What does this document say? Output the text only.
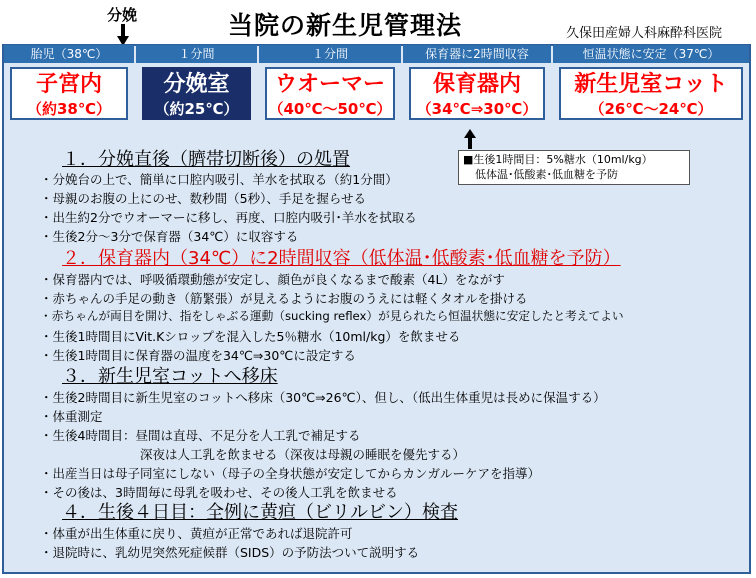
当院の新生児管理法	久保田産婦人科麻酔科医院
分娩
胎児（38℃）
子宮内
（約38℃）
１分間
分娩室
（約25℃）
１分間
ウオーマー
（40℃〜50℃）
保育器に2時間収容
保育器内
（34℃⇒30℃）
恒温状態に安定（37℃）
新生児室コット
（26℃〜24℃）
■生後1時間目：5%糖水（10ml/kg）
低体温･低酸素･低血糖を予防
１．分娩直後（臍帯切断後）の処置
・分娩台の上で、簡単に口腔内吸引、羊水を拭取る（約1分間）
・母親のお腹の上にのせ、数秒間（5秒）、手足を握らせる
・出生約2分でウオーマーに移し、再度、口腔内吸引･羊水を拭取る
・生後2分～3分で保育器（34℃）に収容する
２．保育器内（34℃）に2時間収容（低体温･低酸素･低血糖を予防）
・保育器内では、呼吸循環動態が安定し、顔色が良くなるまで酸素（4L）をながす
・赤ちゃんの手足の動き（筋緊張）が見えるようにお腹のうえには軽くタオルを掛ける
・赤ちゃんが両目を開け、指をしゃぶる運動（sucking reflex）が見られたら恒温状態に安定したと考えてよい
・生後1時間目にVit.Kシロップを混入した5％糖水（10ml/kg）を飲ませる
・生後1時間目に保育器の温度を34℃⇒30℃に設定する
３．新生児室コットへ移床
・生後2時間目に新生児室のコットへ移床（30℃⇒26℃）、但し、（低出生体重児は長めに保温する）
・体重測定
・生後4時間目：昼間は直母、不足分を人工乳で補足する
　　　　　　　　深夜は人工乳を飲ませる（深夜は母親の睡眠を優先する）
・出産当日は母子同室にしない（母子の全身状態が安定してからカンガルーケアを指導）
・その後は、3時間毎に母乳を吸わせ、その後人工乳を飲ませる
４．生後４日目：全例に黄疸（ビリルビン）検査
・体重が出生体重に戻り、黄疸が正常であれば退院許可
・退院時に、乳幼児突然死症候群（SIDS）の予防法ついて説明する
